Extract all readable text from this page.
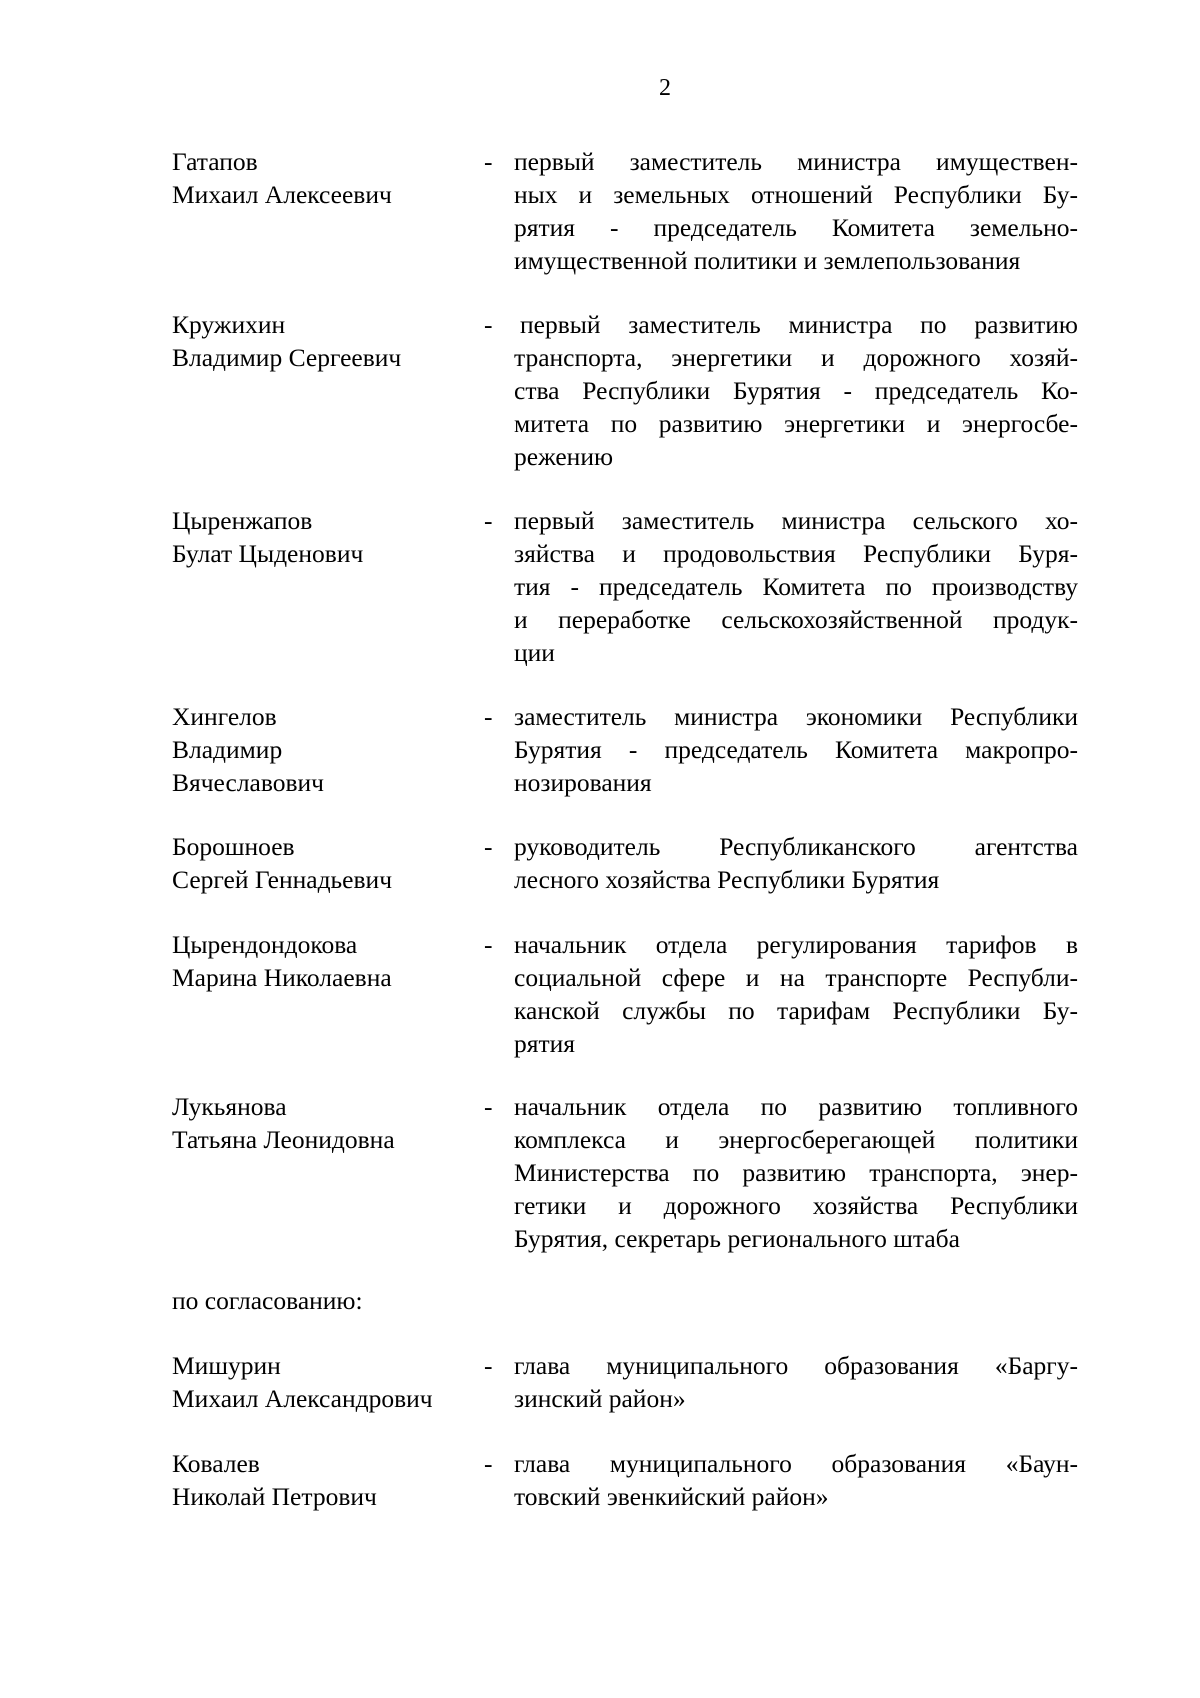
2
Гатапов
Михаил Алексеевич
- первый заместитель министра имуществен-
ных и земельных отношений Республики Бу-
рятия - председатель Комитета земельно-
имущественной политики и землепользования
Кружихин
Владимир Сергеевич
- первый заместитель министра по развитию
транспорта, энергетики и дорожного хозяй-
ства Республики Бурятия - председатель Ко-
митета по развитию энергетики и энергосбе-
режению
Цыренжапов
Булат Цыденович
- первый заместитель министра сельского хо-
зяйства и продовольствия Республики Буря-
тия - председатель Комитета по производству
и переработке сельскохозяйственной продук-
ции
Хингелов
Владимир
Вячеславович
- заместитель министра экономики Республики
Бурятия - председатель Комитета макропро-
нозирования
Борошноев
Сергей Геннадьевич
- руководитель Республиканского агентства
лесного хозяйства Республики Бурятия
Цырендондокова
Марина Николаевна
- начальник отдела регулирования тарифов в
социальной сфере и на транспорте Республи-
канской службы по тарифам Республики Бу-
рятия
Лукьянова
Татьяна Леонидовна
- начальник отдела по развитию топливного
комплекса и энергосберегающей политики
Министерства по развитию транспорта, энер-
гетики и дорожного хозяйства Республики
Бурятия, секретарь регионального штаба
по согласованию:
Мишурин
Михаил Александрович
- глава муниципального образования «Баргу-
зинский район»
Ковалев
Николай Петрович
- глава муниципального образования «Баун-
товский эвенкийский район»
